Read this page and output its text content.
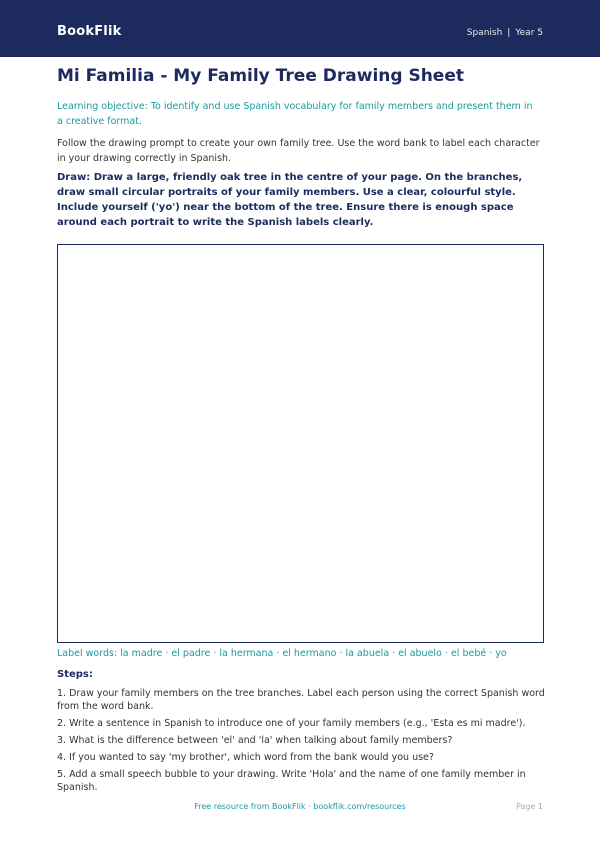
BookFlik	Spanish | Year 5
Mi Familia - My Family Tree Drawing Sheet

Learning objective: To identify and use Spanish vocabulary for family members and present them in a creative format.

Follow the drawing prompt to create your own family tree. Use the word bank to label each character in your drawing correctly in Spanish.

Draw: Draw a large, friendly oak tree in the centre of your page. On the branches, draw small circular portraits of your family members. Use a clear, colourful style. Include yourself ('yo') near the bottom of the tree. Ensure there is enough space around each portrait to write the Spanish labels clearly.

Label words: la madre · el padre · la hermana · el hermano · la abuela · el abuelo · el bebé · yo

Steps:
1. Draw your family members on the tree branches. Label each person using the correct Spanish word from the word bank.
2. Write a sentence in Spanish to introduce one of your family members (e.g., 'Esta es mi madre').
3. What is the difference between 'el' and 'la' when talking about family members?
4. If you wanted to say 'my brother', which word from the bank would you use?
5. Add a small speech bubble to your drawing. Write 'Hola' and the name of one family member in Spanish.
Free resource from BookFlik · bookflik.com/resources	Page 1
